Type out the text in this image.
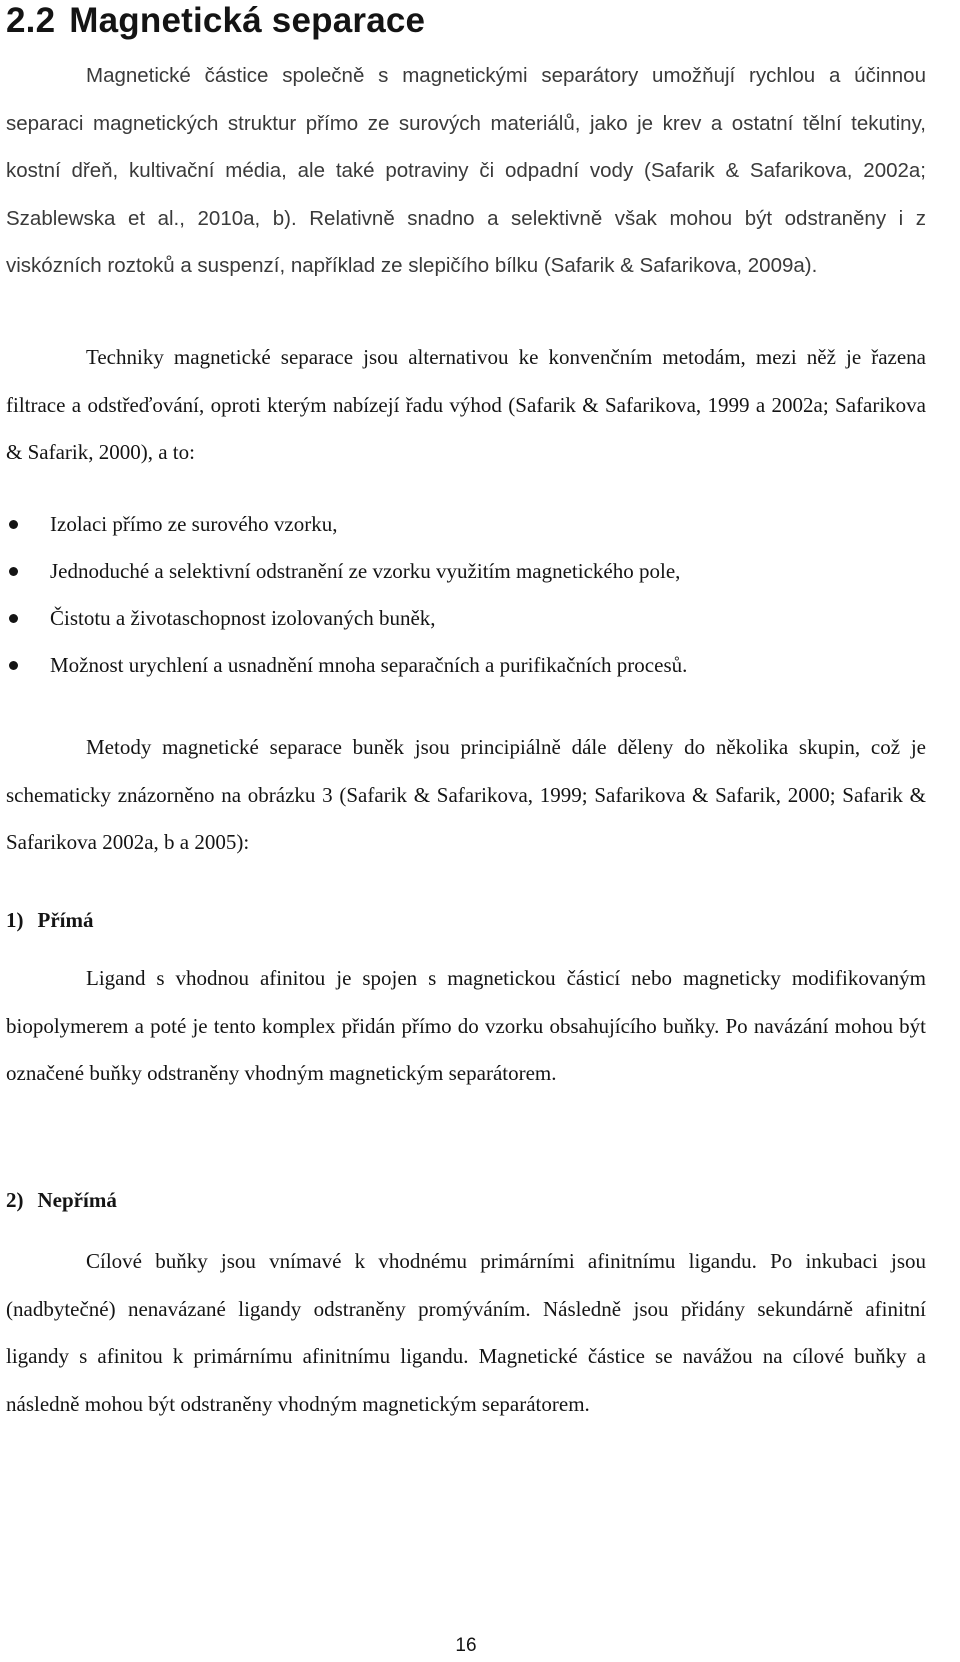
2.2 Magnetická separace

Magnetické částice společně s magnetickými separátory umožňují rychlou a účinnou separaci magnetických struktur přímo ze surových materiálů, jako je krev a ostatní tělní tekutiny, kostní dřeň, kultivační média, ale také potraviny či odpadní vody (Safarik & Safarikova, 2002a; Szablewska et al., 2010a, b). Relativně snadno a selektivně však mohou být odstraněny i z viskózních roztoků a suspenzí, například ze slepičího bílku (Safarik & Safarikova, 2009a).

Techniky magnetické separace jsou alternativou ke konvenčním metodám, mezi něž je řazena filtrace a odstřeďování, oproti kterým nabízejí řadu výhod (Safarik & Safarikova, 1999 a 2002a; Safarikova & Safarik, 2000), a to:

Izolaci přímo ze surového vzorku,
Jednoduché a selektivní odstranění ze vzorku využitím magnetického pole,
Čistotu a životaschopnost izolovaných buněk,
Možnost urychlení a usnadnění mnoha separačních a purifikačních procesů.

Metody magnetické separace buněk jsou principiálně dále děleny do několika skupin, což je schematicky znázorněno na obrázku 3 (Safarik & Safarikova, 1999; Safarikova & Safarik, 2000; Safarik & Safarikova 2002a, b a 2005):

1) Přímá

Ligand s vhodnou afinitou je spojen s magnetickou částicí nebo magneticky modifikovaným biopolymerem a poté je tento komplex přidán přímo do vzorku obsahujícího buňky. Po navázání mohou být označené buňky odstraněny vhodným magnetickým separátorem.

2) Nepřímá

Cílové buňky jsou vnímavé k vhodnému primárními afinitnímu ligandu. Po inkubaci jsou (nadbytečné) nenavázané ligandy odstraněny promýváním. Následně jsou přidány sekundárně afinitní ligandy s afinitou k primárnímu afinitnímu ligandu. Magnetické částice se navážou na cílové buňky a následně mohou být odstraněny vhodným magnetickým separátorem.

16
